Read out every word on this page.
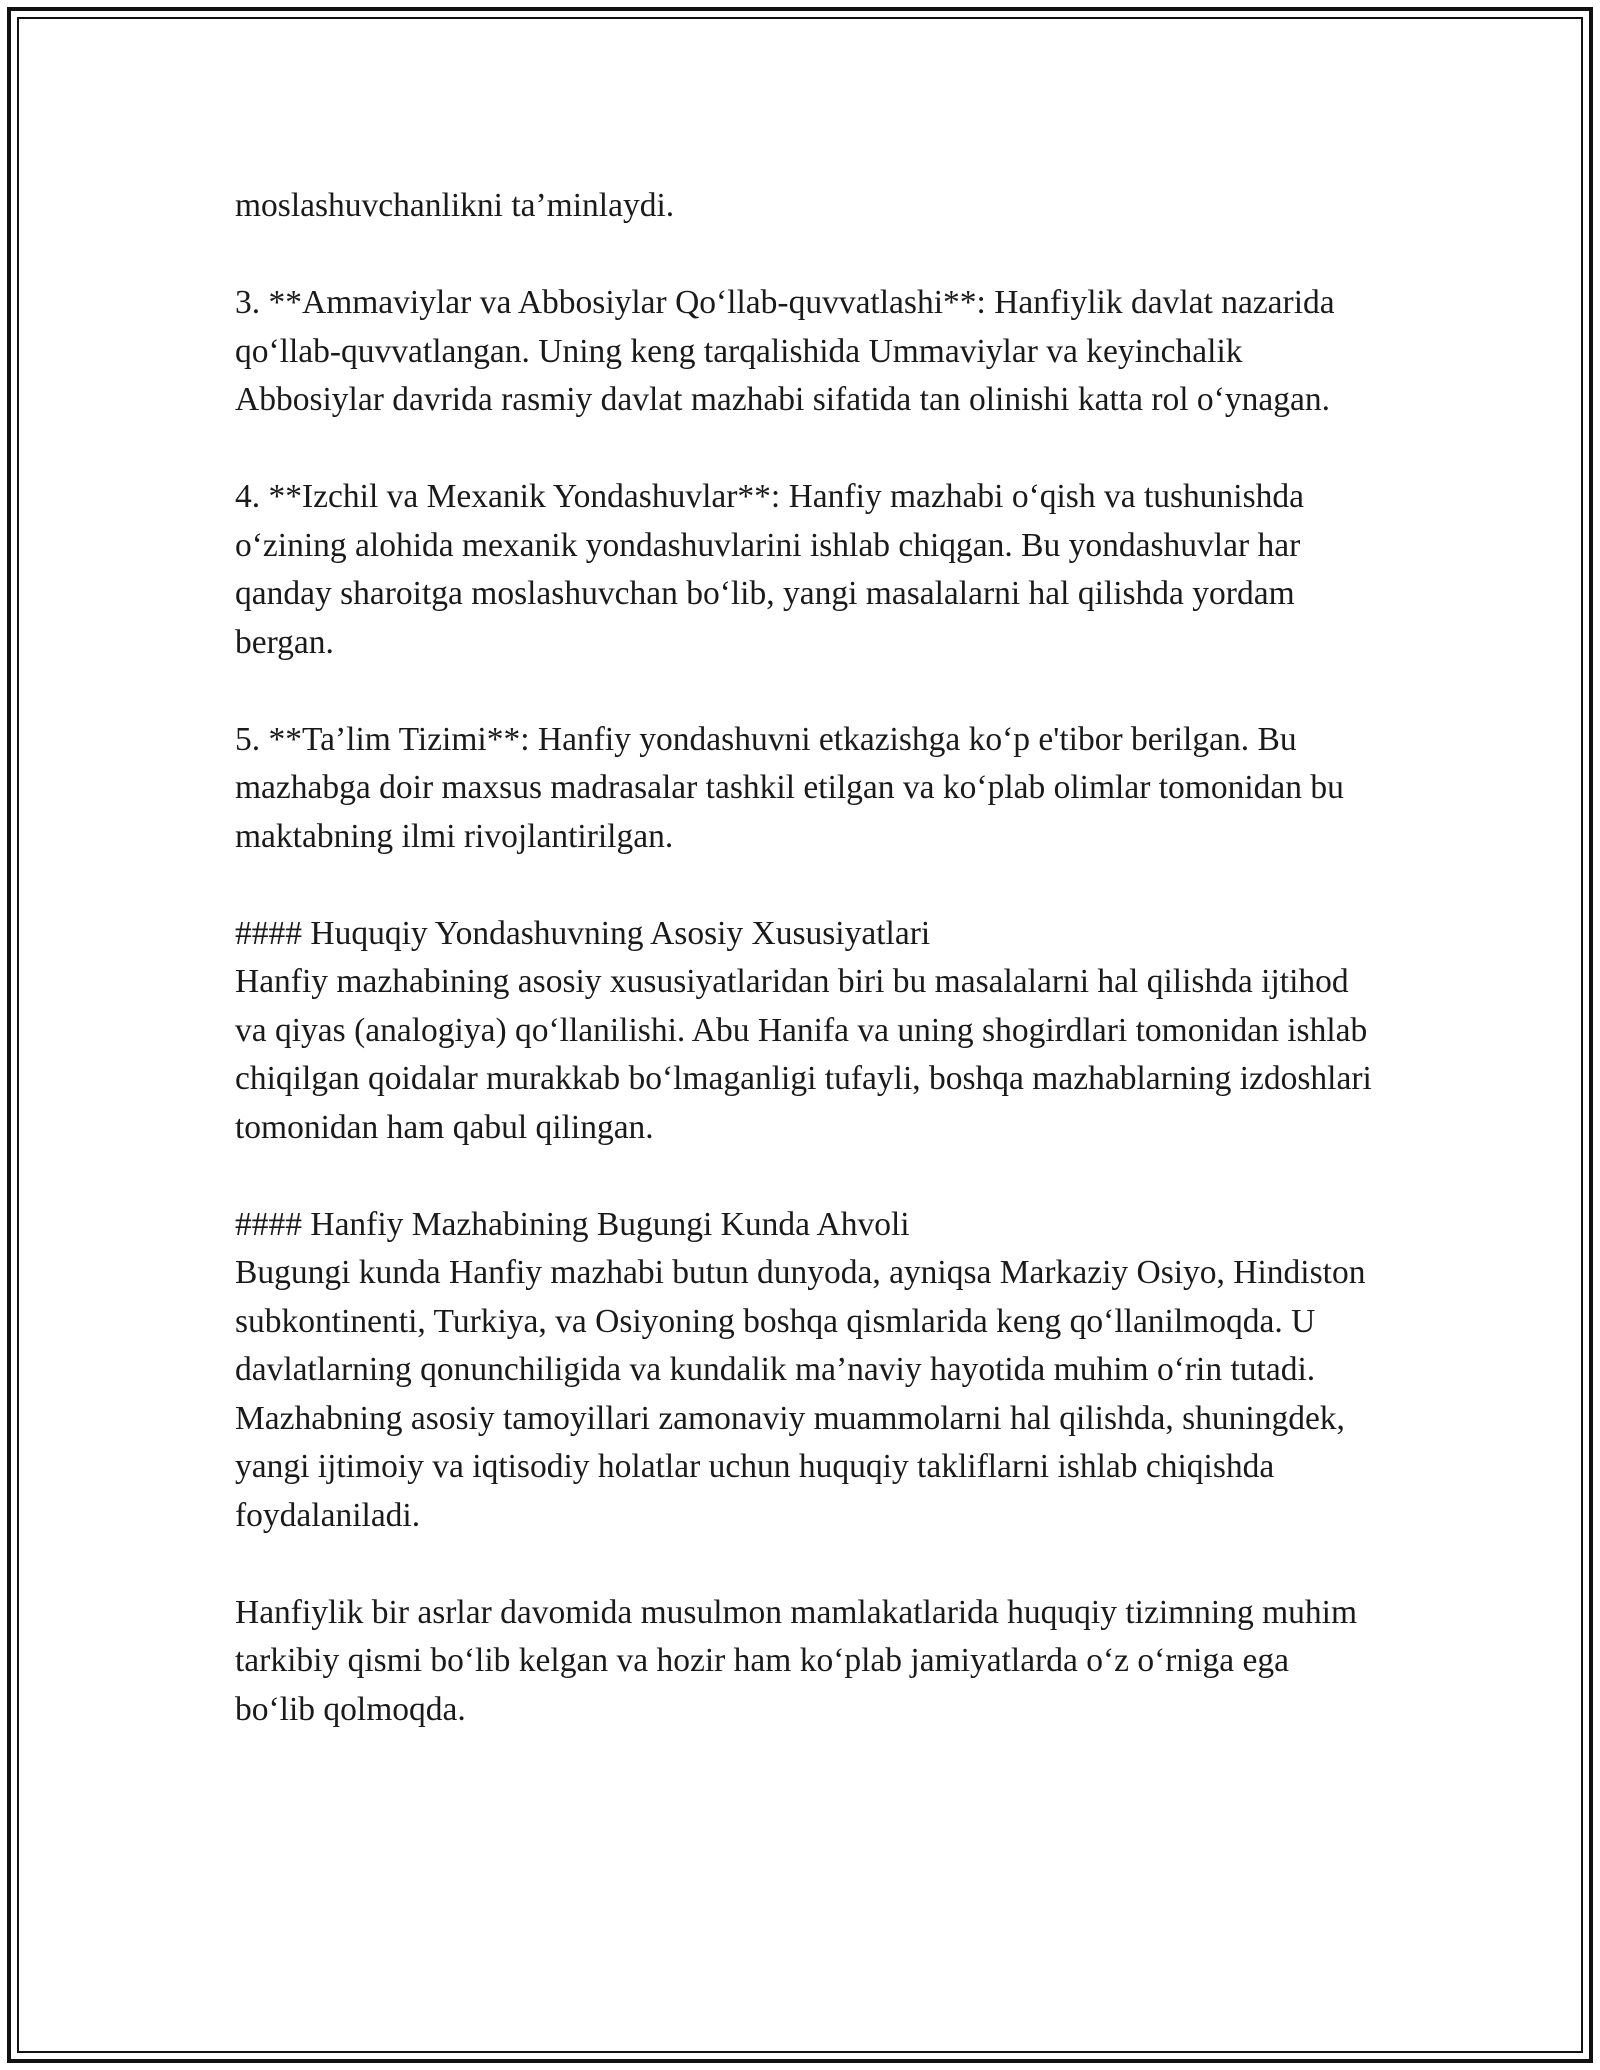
moslashuvchanlikni ta’minlaydi.

3. **Ammaviylar va Abbosiylar Qo‘llab-quvvatlashi**: Hanfiylik davlat nazarida qo‘llab-quvvatlangan. Uning keng tarqalishida Ummaviylar va keyinchalik Abbosiylar davrida rasmiy davlat mazhabi sifatida tan olinishi katta rol o‘ynagan.

4. **Izchil va Mexanik Yondashuvlar**: Hanfiy mazhabi o‘qish va tushunishda o‘zining alohida mexanik yondashuvlarini ishlab chiqgan. Bu yondashuvlar har qanday sharoitga moslashuvchan bo‘lib, yangi masalalarni hal qilishda yordam bergan.

5. **Ta’lim Tizimi**: Hanfiy yondashuvni etkazishga ko‘p e'tibor berilgan. Bu mazhabga doir maxsus madrasalar tashkil etilgan va ko‘plab olimlar tomonidan bu maktabning ilmi rivojlantirilgan.

#### Huquqiy Yondashuvning Asosiy Xususiyatlari

Hanfiy mazhabining asosiy xususiyatlaridan biri bu masalalarni hal qilishda ijtihod va qiyas (analogiya) qo‘llanilishi. Abu Hanifa va uning shogirdlari tomonidan ishlab chiqilgan qoidalar murakkab bo‘lmaganligi tufayli, boshqa mazhablarning izdoshlari tomonidan ham qabul qilingan.

#### Hanfiy Mazhabining Bugungi Kunda Ahvoli

Bugungi kunda Hanfiy mazhabi butun dunyoda, ayniqsa Markaziy Osiyo, Hindiston subkontinenti, Turkiya, va Osiyoning boshqa qismlarida keng qo‘llanilmoqda. U davlatlarning qonunchiligida va kundalik ma’naviy hayotida muhim o‘rin tutadi. Mazhabning asosiy tamoyillari zamonaviy muammolarni hal qilishda, shuningdek, yangi ijtimoiy va iqtisodiy holatlar uchun huquqiy takliflarni ishlab chiqishda foydalaniladi.

Hanfiylik bir asrlar davomida musulmon mamlakatlarida huquqiy tizimning muhim tarkibiy qismi bo‘lib kelgan va hozir ham ko‘plab jamiyatlarda o‘z o‘rniga ega bo‘lib qolmoqda.
